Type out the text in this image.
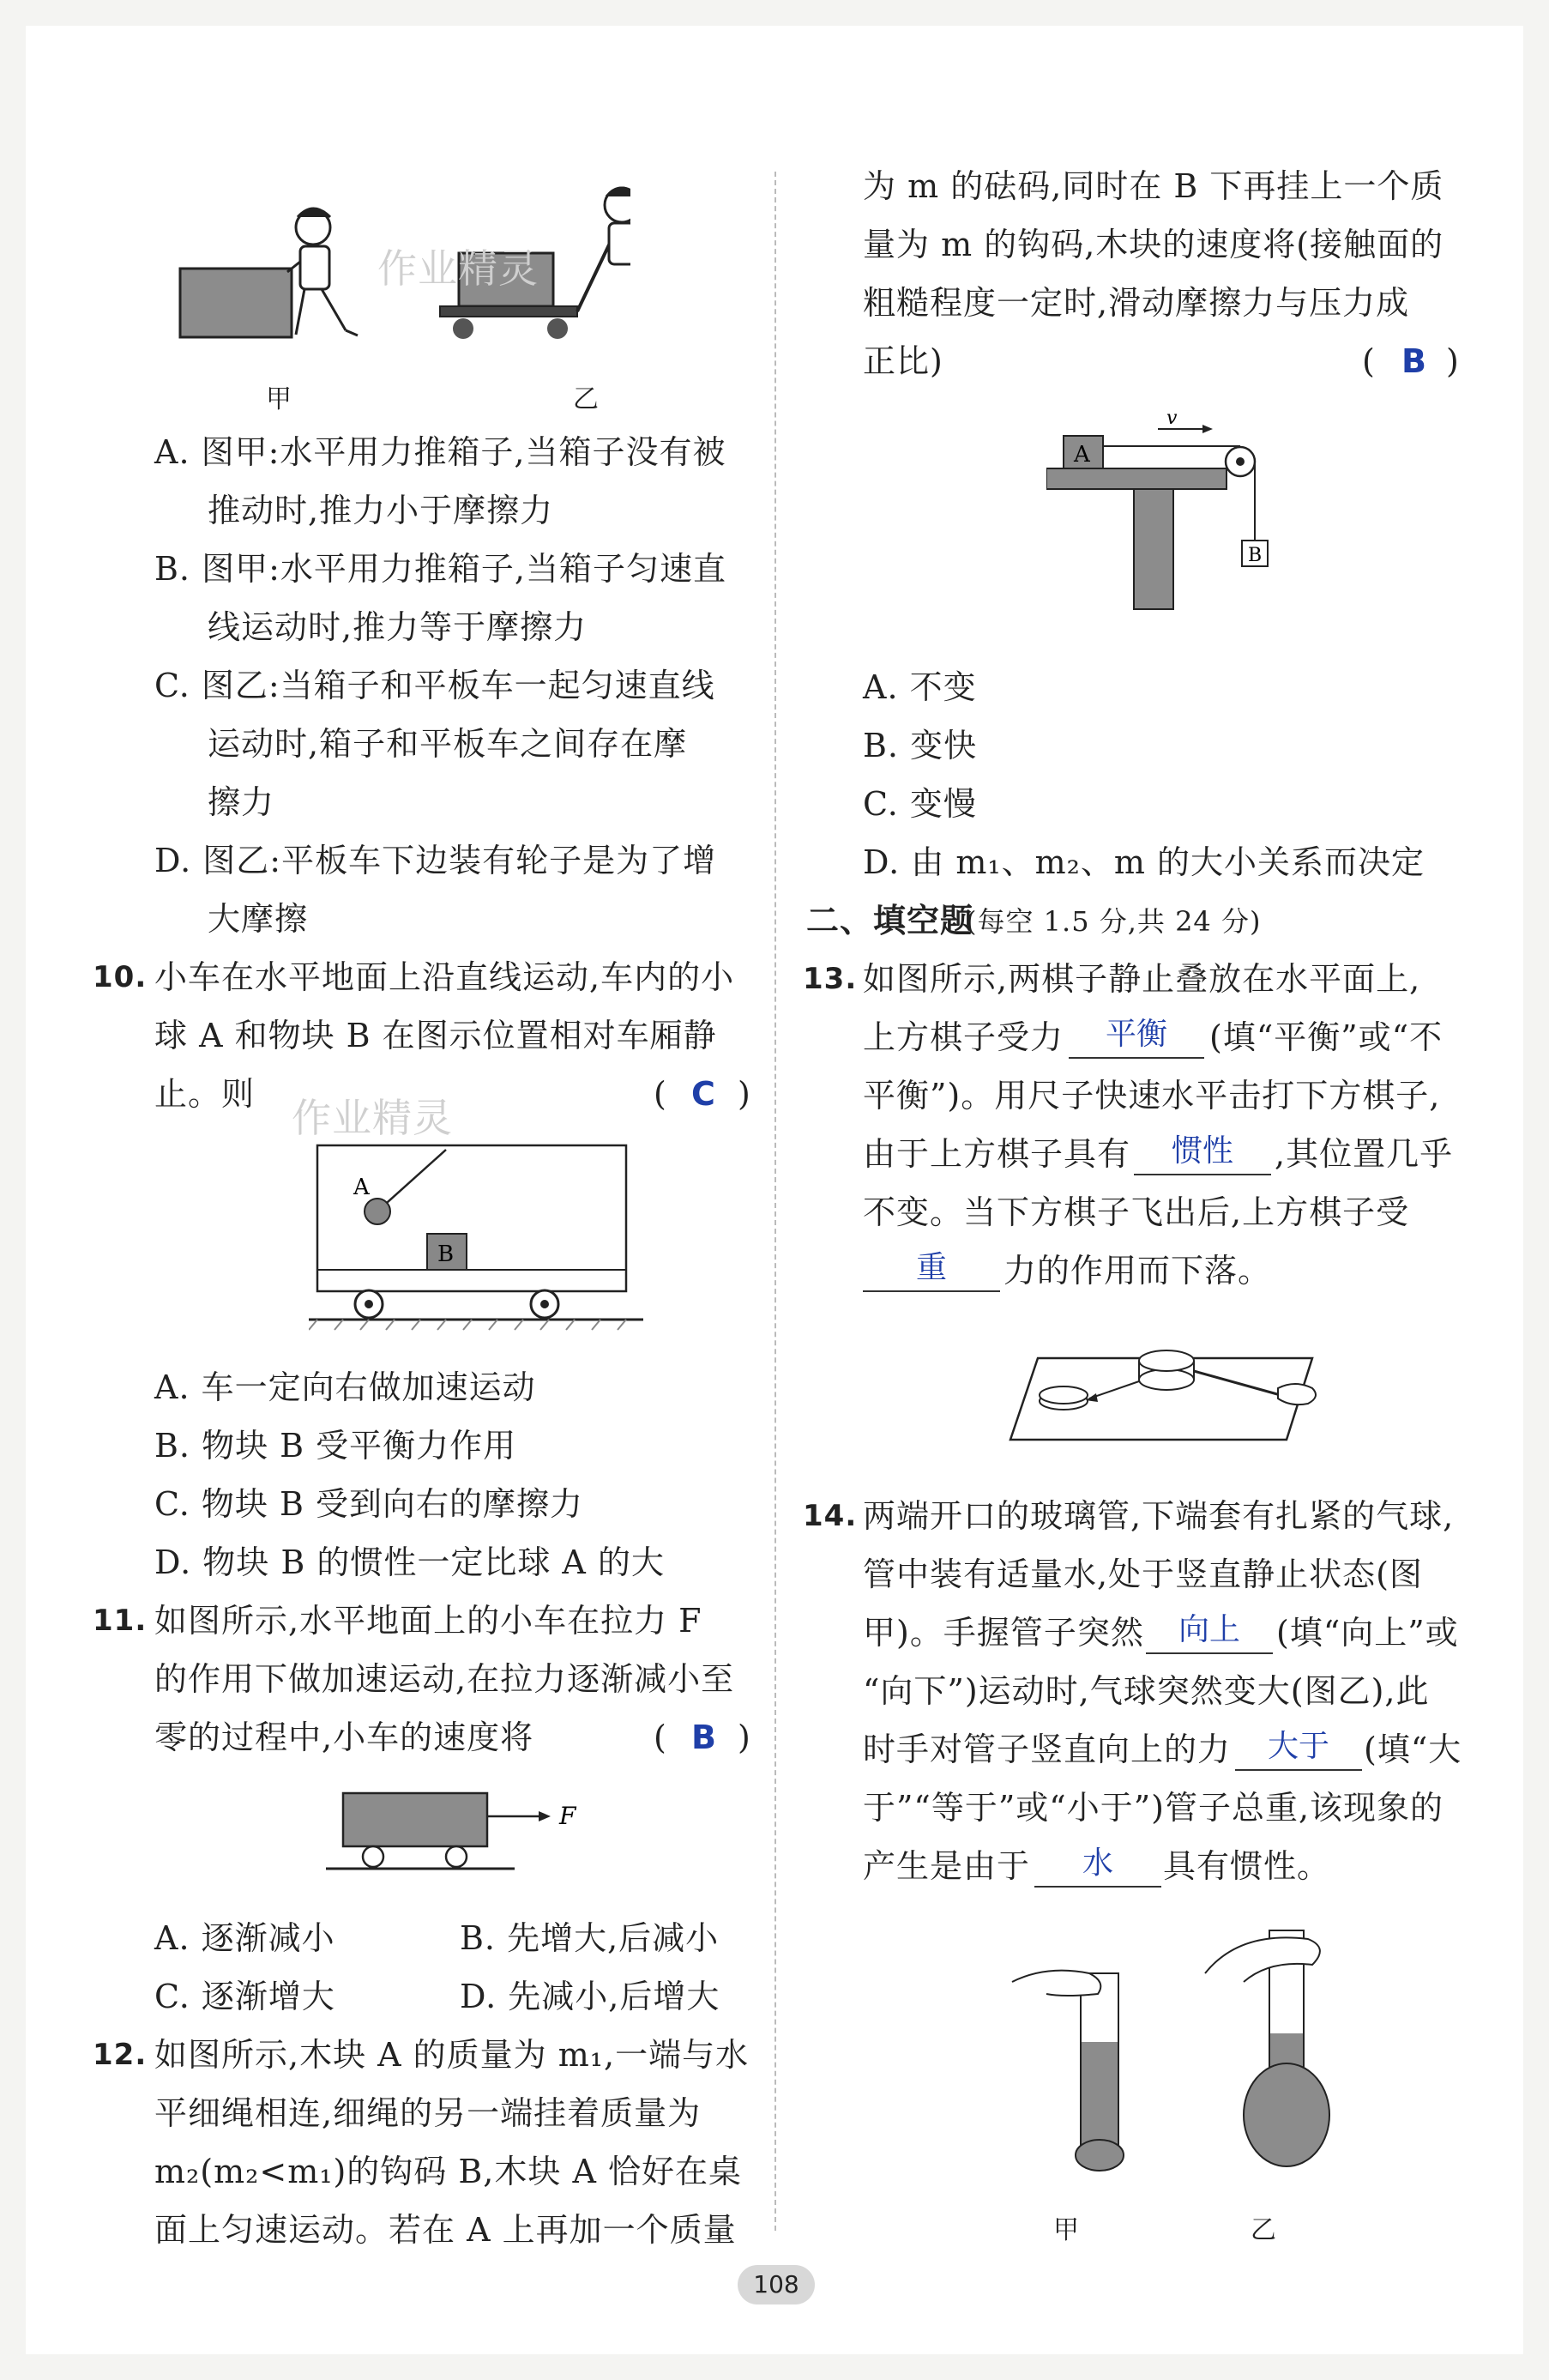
作业精灵
甲	乙
A. 图甲:水平用力推箱子,当箱子没有被
推动时,推力小于摩擦力
B. 图甲:水平用力推箱子,当箱子匀速直
线运动时,推力等于摩擦力
C. 图乙:当箱子和平板车一起匀速直线
运动时,箱子和平板车之间存在摩
擦力
D. 图乙:平板车下边装有轮子是为了增
大摩擦
10. 小车在水平地面上沿直线运动,车内的小
球 A 和物块 B 在图示位置相对车厢静
止。则	( C )
A
B
作业精灵
A. 车一定向右做加速运动
B. 物块 B 受平衡力作用
C. 物块 B 受到向右的摩擦力
D. 物块 B 的惯性一定比球 A 的大
11. 如图所示,水平地面上的小车在拉力 F
的作用下做加速运动,在拉力逐渐减小至
零的过程中,小车的速度将	( B )
F
A. 逐渐减小	B. 先增大,后减小
C. 逐渐增大	D. 先减小,后增大
12. 如图所示,木块 A 的质量为 m₁,一端与水
平细绳相连,细绳的另一端挂着质量为
m₂(m₂<m₁)的钩码 B,木块 A 恰好在桌
面上匀速运动。若在 A 上再加一个质量
为 m 的砝码,同时在 B 下再挂上一个质
量为 m 的钩码,木块的速度将(接触面的
粗糙程度一定时,滑动摩擦力与压力成
正比)	( B )
A
B
v
A. 不变
B. 变快
C. 变慢
D. 由 m₁、m₂、m 的大小关系而决定
二、填空题
(每空 1.5 分,共 24 分)
13. 如图所示,两棋子静止叠放在水平面上,
上方棋子受力	平衡	(填“平衡”或“不
平衡”)。用尺子快速水平击打下方棋子,
由于上方棋子具有	惯性	,其位置几乎
不变。当下方棋子飞出后,上方棋子受
重	力的作用而下落。
14. 两端开口的玻璃管,下端套有扎紧的气球,
管中装有适量水,处于竖直静止状态(图
甲)。手握管子突然	向上	(填“向上”或
“向下”)运动时,气球突然变大(图乙),此
时手对管子竖直向上的力	大于	(填“大
于”“等于”或“小于”)管子总重,该现象的
产生是由于	水	具有惯性。
甲	乙
108
